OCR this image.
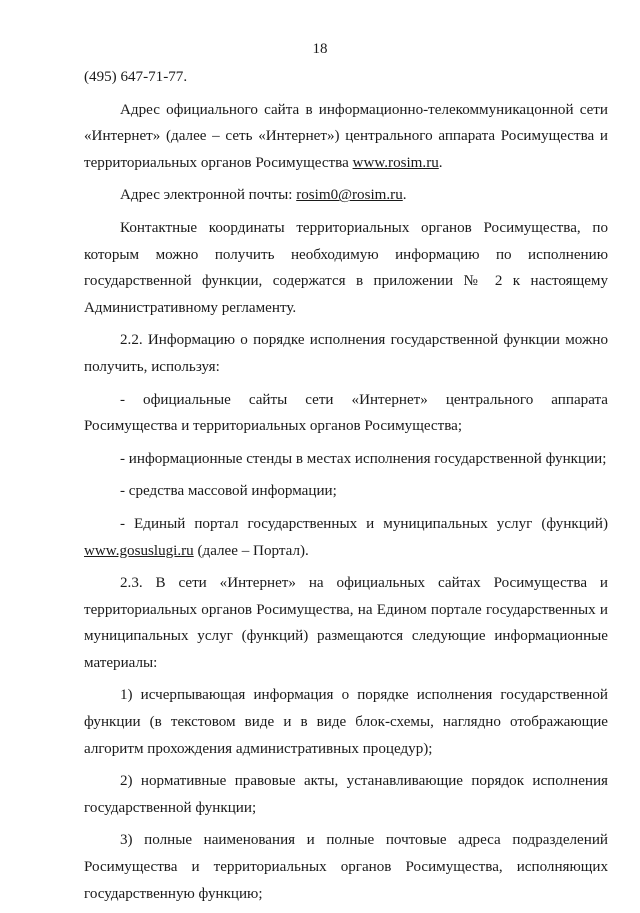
18

(495) 647-71-77.

Адрес официального сайта в информационно-телекоммуникацонной сети «Интернет» (далее – сеть «Интернет») центрального аппарата Росимущества и территориальных органов Росимущества www.rosim.ru.

Адрес электронной почты: rosim0@rosim.ru.

Контактные координаты территориальных органов Росимущества, по которым можно получить необходимую информацию по исполнению государственной функции, содержатся в приложении № 2 к настоящему Административному регламенту.

2.2. Информацию о порядке исполнения государственной функции можно получить, используя:

- официальные сайты сети «Интернет» центрального аппарата Росимущества и территориальных органов Росимущества;

- информационные стенды в местах исполнения государственной функции;

- средства массовой информации;

- Единый портал государственных и муниципальных услуг (функций) www.gosuslugi.ru (далее – Портал).

2.3. В сети «Интернет» на официальных сайтах Росимущества и территориальных органов Росимущества, на Едином портале государственных и муниципальных услуг (функций) размещаются следующие информационные материалы:

1) исчерпывающая информация о порядке исполнения государственной функции (в текстовом виде и в виде блок-схемы, наглядно отображающие алгоритм прохождения административных процедур);

2) нормативные правовые акты, устанавливающие порядок исполнения государственной функции;

3) полные наименования и полные почтовые адреса подразделений Росимущества и территориальных органов Росимущества, исполняющих государственную функцию;
